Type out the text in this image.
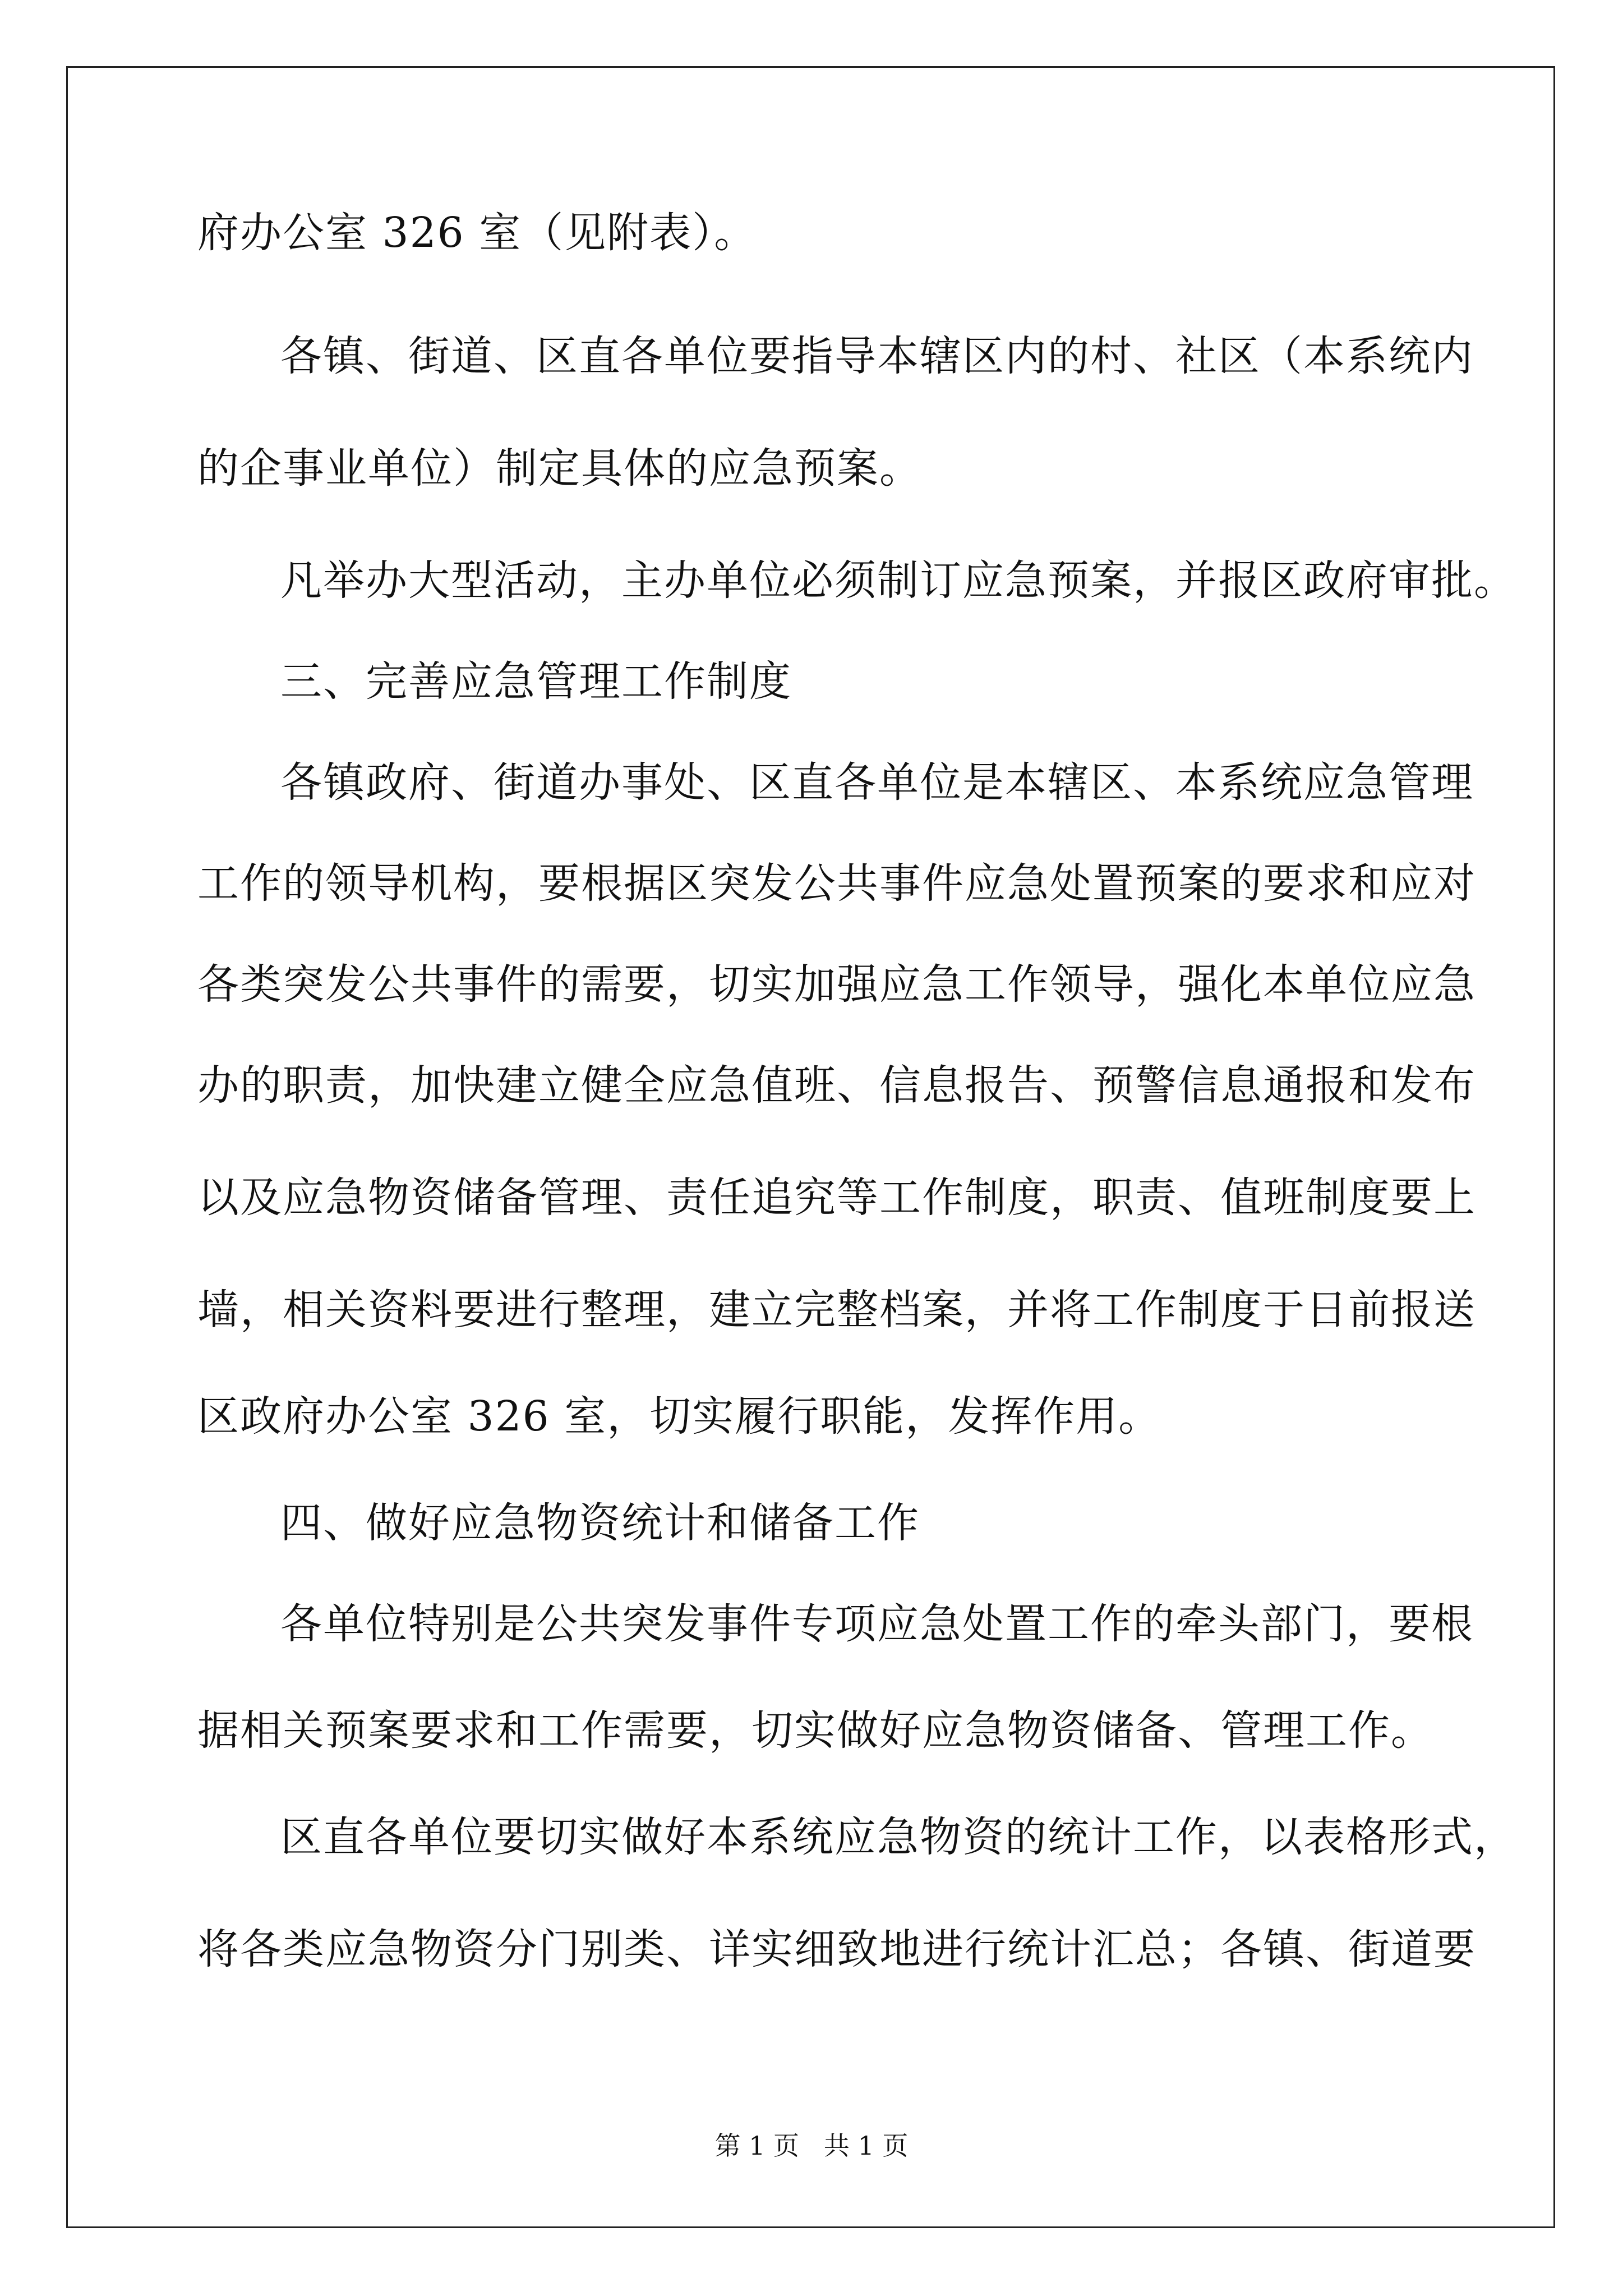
府办公室 326 室（见附表）。
各镇、街道、区直各单位要指导本辖区内的村、社区（本系统内
的企事业单位）制定具体的应急预案。
凡举办大型活动，主办单位必须制订应急预案，并报区政府审批。
三、完善应急管理工作制度
各镇政府、街道办事处、区直各单位是本辖区、本系统应急管理
工作的领导机构，要根据区突发公共事件应急处置预案的要求和应对
各类突发公共事件的需要，切实加强应急工作领导，强化本单位应急
办的职责，加快建立健全应急值班、信息报告、预警信息通报和发布
以及应急物资储备管理、责任追究等工作制度，职责、值班制度要上
墙，相关资料要进行整理，建立完整档案，并将工作制度于日前报送
区政府办公室 326 室，切实履行职能，发挥作用。
四、做好应急物资统计和储备工作
各单位特别是公共突发事件专项应急处置工作的牵头部门，要根
据相关预案要求和工作需要，切实做好应急物资储备、管理工作。
区直各单位要切实做好本系统应急物资的统计工作，以表格形式，
将各类应急物资分门别类、详实细致地进行统计汇总；各镇、街道要
第 1 页   共 1 页
